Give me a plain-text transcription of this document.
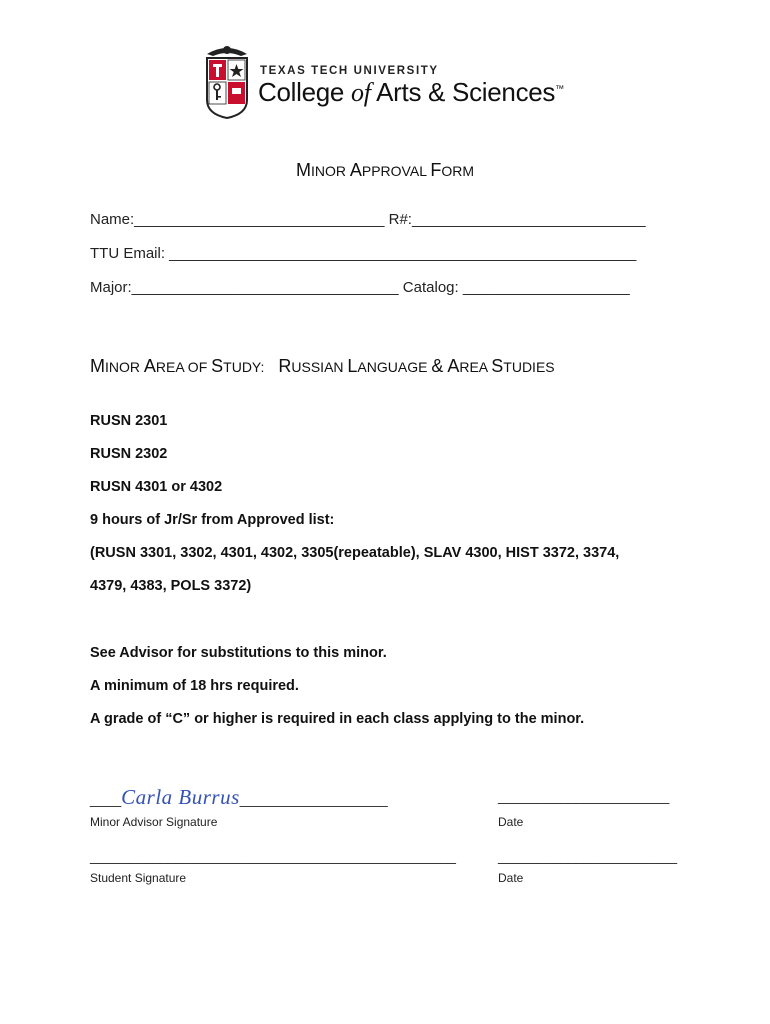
TEXAS TECH UNIVERSITY
College of Arts & Sciences™
MINOR APPROVAL FORM
Name:______________________________ R#:____________________________
TTU Email: ________________________________________________________
Major:________________________________ Catalog: ____________________
MINOR AREA OF STUDY: RUSSIAN LANGUAGE & AREA STUDIES
RUSN 2301
RUSN 2302
RUSN 4301 or 4302
9 hours of Jr/Sr from Approved list:
(RUSN 3301, 3302, 4301, 4302, 3305(repeatable), SLAV 4300, HIST 3372, 3374,
4379, 4383, POLS 3372)
See Advisor for substitutions to this minor.
A minimum of 18 hrs required.
A grade of “C” or higher is required in each class applying to the minor.
____Carla Burrus___________________
Minor Advisor Signature
______________________
Date
_______________________________________________
Student Signature
_______________________
Date
